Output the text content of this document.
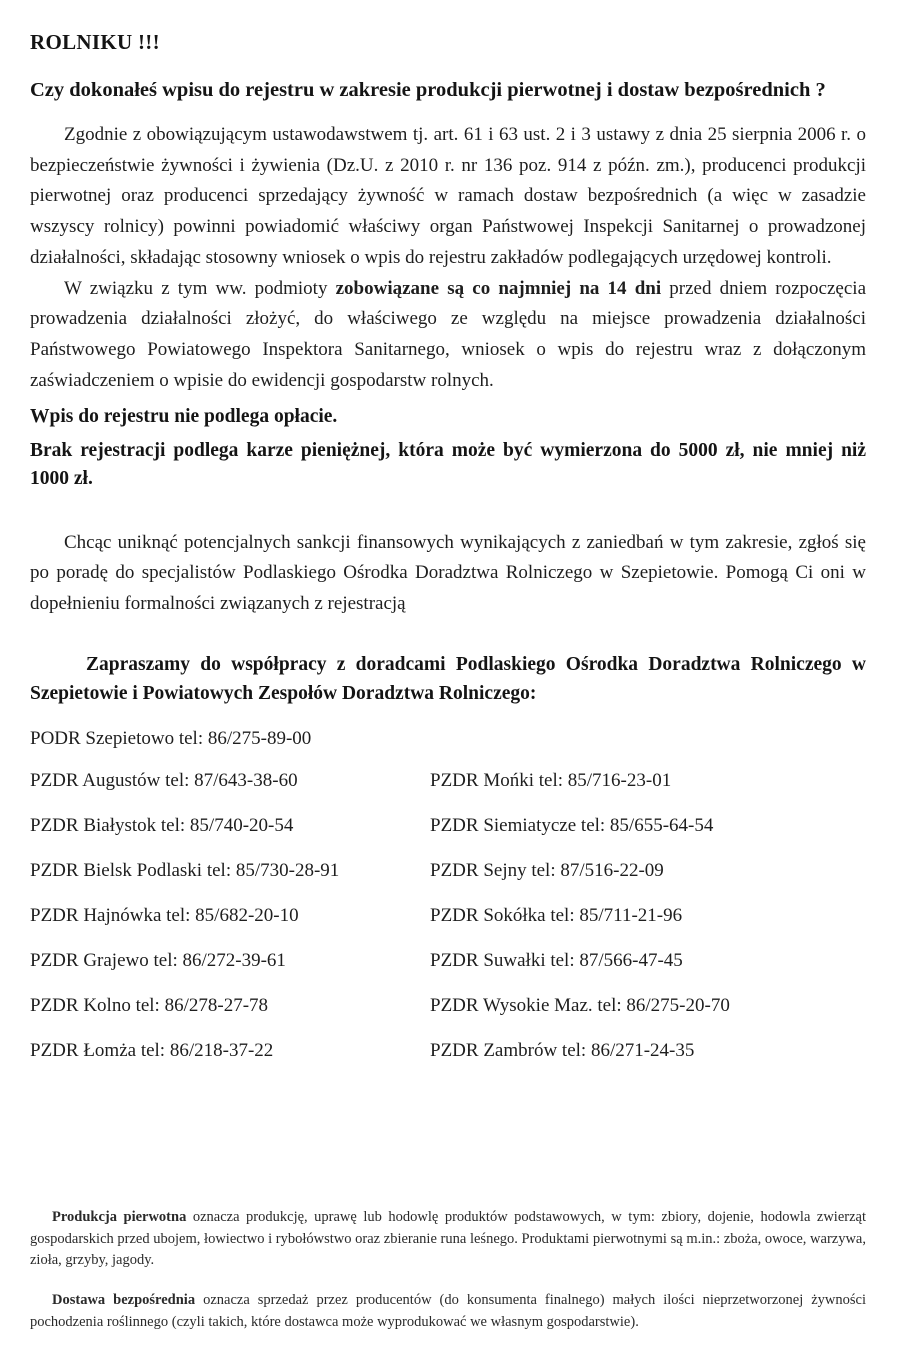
ROLNIKU !!!
Czy dokonałeś wpisu do rejestru w zakresie produkcji pierwotnej i dostaw bezpośrednich ?

Zgodnie z obowiązującym ustawodawstwem tj. art. 61 i 63 ust. 2 i 3 ustawy z dnia 25 sierpnia 2006 r. o bezpieczeństwie żywności i żywienia (Dz.U. z 2010 r. nr 136 poz. 914 z późn. zm.), producenci produkcji pierwotnej oraz producenci sprzedający żywność w ramach dostaw bezpośrednich (a więc w zasadzie wszyscy rolnicy) powinni powiadomić właściwy organ Państwowej Inspekcji Sanitarnej o prowadzonej działalności, składając stosowny wniosek o wpis do rejestru zakładów podlegających urzędowej kontroli.

W związku z tym ww. podmioty zobowiązane są co najmniej na 14 dni przed dniem rozpoczęcia prowadzenia działalności złożyć, do właściwego ze względu na miejsce prowadzenia działalności Państwowego Powiatowego Inspektora Sanitarnego, wniosek o wpis do rejestru wraz z dołączonym zaświadczeniem o wpisie do ewidencji gospodarstw rolnych.

Wpis do rejestru nie podlega opłacie.

Brak rejestracji podlega karze pieniężnej, która może być wymierzona do 5000 zł, nie mniej niż 1000 zł.

Chcąc uniknąć potencjalnych sankcji finansowych wynikających z zaniedbań w tym zakresie, zgłoś się po poradę do specjalistów Podlaskiego Ośrodka Doradztwa Rolniczego w Szepietowie. Pomogą Ci oni w dopełnieniu formalności związanych z rejestracją

Zapraszamy do współpracy z doradcami Podlaskiego Ośrodka Doradztwa Rolniczego w Szepietowie i Powiatowych Zespołów Doradztwa Rolniczego:

PODR Szepietowo tel: 86/275-89-00
PZDR Augustów tel: 87/643-38-60
PZDR Białystok tel: 85/740-20-54
PZDR Bielsk Podlaski tel: 85/730-28-91
PZDR Hajnówka tel: 85/682-20-10
PZDR Grajewo tel: 86/272-39-61
PZDR Kolno tel: 86/278-27-78
PZDR Łomża tel: 86/218-37-22
PZDR Mońki tel: 85/716-23-01
PZDR Siemiatycze tel: 85/655-64-54
PZDR Sejny tel: 87/516-22-09
PZDR Sokółka tel: 85/711-21-96
PZDR Suwałki tel: 87/566-47-45
PZDR Wysokie Maz. tel: 86/275-20-70
PZDR Zambrów tel: 86/271-24-35

Produkcja pierwotna oznacza produkcję, uprawę lub hodowlę produktów podstawowych, w tym: zbiory, dojenie, hodowla zwierząt gospodarskich przed ubojem, łowiectwo i rybołówstwo oraz zbieranie runa leśnego. Produktami pierwotnymi są m.in.: zboża, owoce, warzywa, zioła, grzyby, jagody.

Dostawa bezpośrednia oznacza sprzedaż przez producentów (do konsumenta finalnego) małych ilości nieprzetworzonej żywności pochodzenia roślinnego (czyli takich, które dostawca może wyprodukować we własnym gospodarstwie).
